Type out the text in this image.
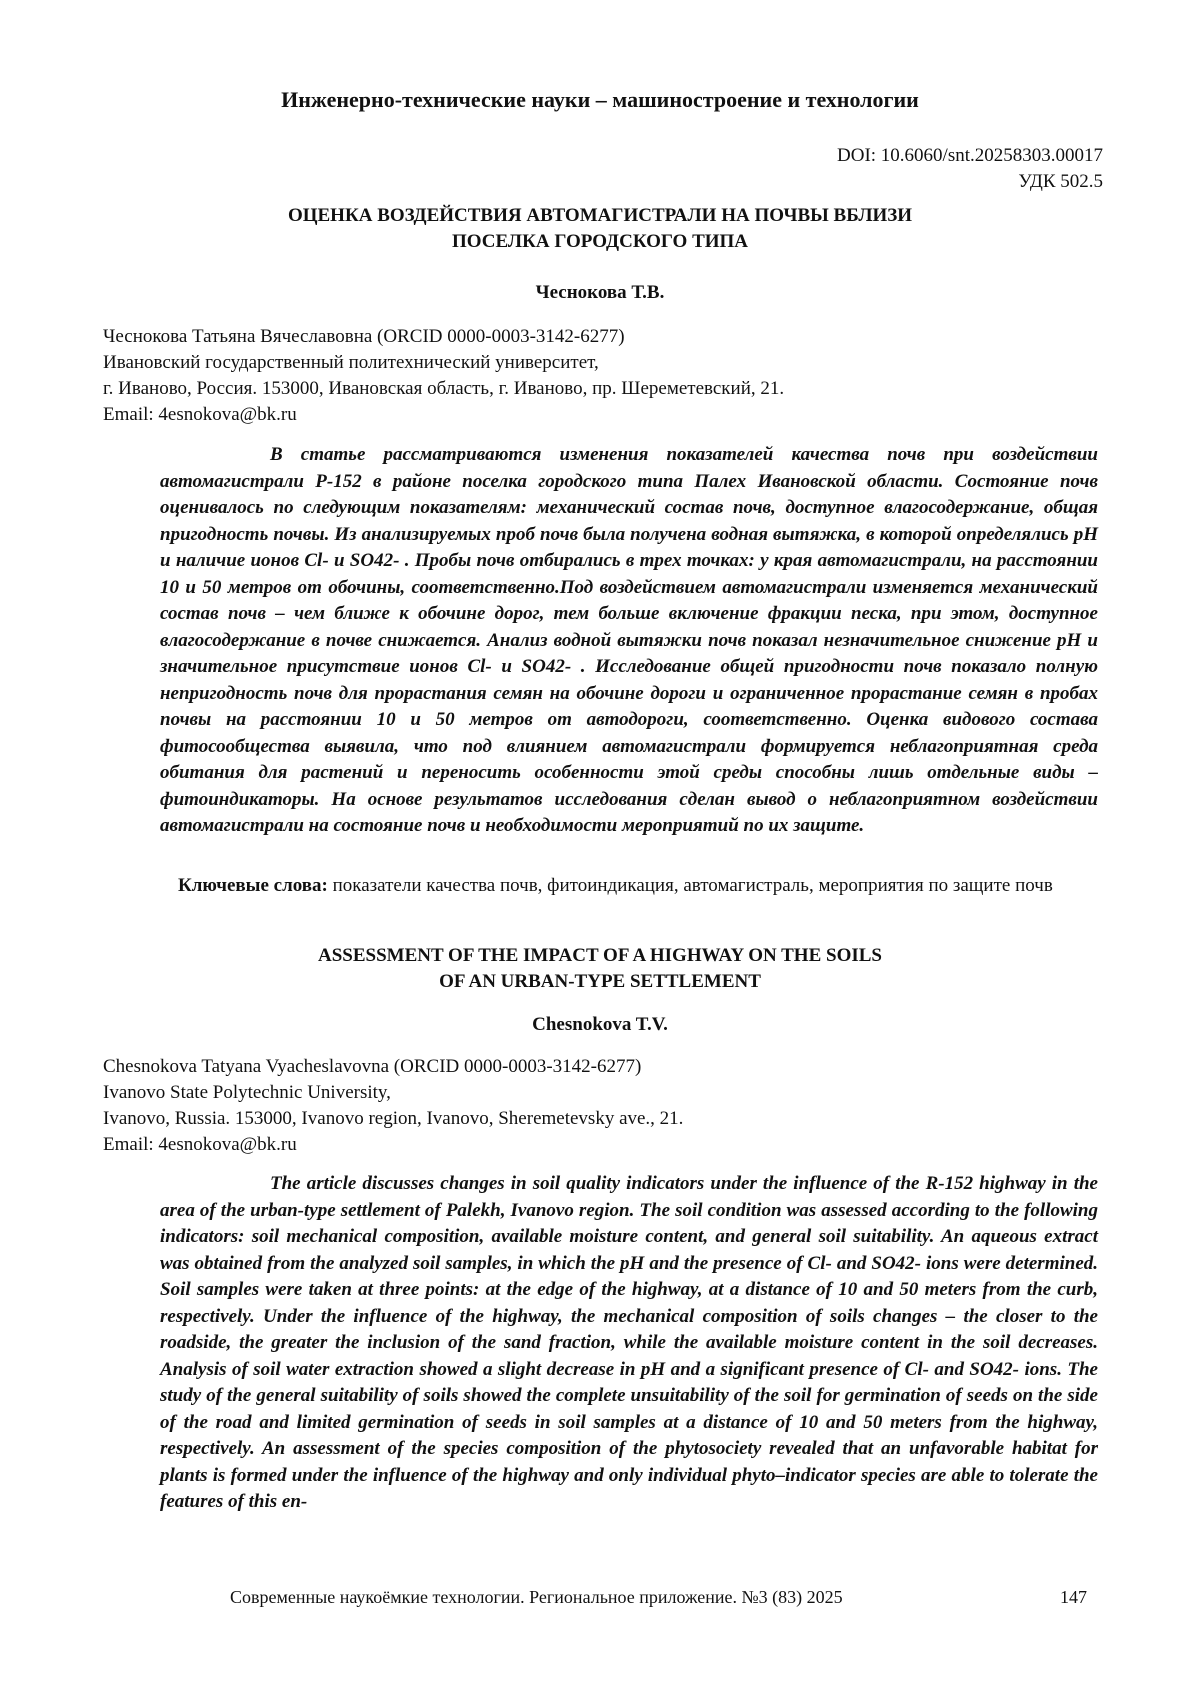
Инженерно-технические науки – машиностроение и технологии

DOI: 10.6060/snt.20258303.00017
УДК 502.5
ОЦЕНКА ВОЗДЕЙСТВИЯ АВТОМАГИСТРАЛИ НА ПОЧВЫ ВБЛИЗИ
ПОСЕЛКА ГОРОДСКОГО ТИПА

Чеснокова Т.В.

Чеснокова Татьяна Вячеславовна (ORCID 0000-0003-3142-6277)
Ивановский государственный политехнический университет,
г. Иваново, Россия. 153000, Ивановская область, г. Иваново, пр. Шереметевский, 21.
Email: 4esnokova@bk.ru

В статье рассматриваются изменения показателей качества почв при воздействии автомагистрали Р-152 в районе поселка городского типа Палех Ивановской области. Состояние почв оценивалось по следующим показателям: механический состав почв, доступное влагосодержание, общая пригодность почвы. Из анализируемых проб почв была получена водная вытяжка, в которой определялись рН и наличие ионов Cl- и SO42- . Пробы почв отбирались в трех точках: у края автомагистрали, на расстоянии 10 и 50 метров от обочины, соответственно.Под воздействием автомагистрали изменяется механический состав почв – чем ближе к обочине дорог, тем больше включение фракции песка, при этом, доступное влагосодержание в почве снижается. Анализ водной вытяжки почв показал незначительное снижение рН и значительное присутствие ионов Cl- и SO42- . Исследование общей пригодности почв показало полную непригодность почв для прорастания семян на обочине дороги и ограниченное прорастание семян в пробах почвы на расстоянии 10 и 50 метров от автодороги, соответственно. Оценка видового состава фитосообщества выявила, что под влиянием автомагистрали формируется неблагоприятная среда обитания для растений и переносить особенности этой среды способны лишь отдельные виды – фитоиндикаторы. На основе результатов исследования сделан вывод о неблагоприятном воздействии автомагистрали на состояние почв и необходимости мероприятий по их защите.

Ключевые слова: показатели качества почв, фитоиндикация, автомагистраль, мероприятия по защите почв

ASSESSMENT OF THE IMPACT OF A HIGHWAY ON THE SOILS
OF AN URBAN-TYPE SETTLEMENT

Chesnokova T.V.

Chesnokova Tatyana Vyacheslavovna (ORCID 0000-0003-3142-6277)
Ivanovo State Polytechnic University,
Ivanovo, Russia. 153000, Ivanovo region, Ivanovo, Sheremetevsky ave., 21.
Email: 4esnokova@bk.ru

The article discusses changes in soil quality indicators under the influence of the R-152 highway in the area of the urban-type settlement of Palekh, Ivanovo region. The soil condition was assessed according to the following indicators: soil mechanical composition, available moisture content, and general soil suitability. An aqueous extract was obtained from the analyzed soil samples, in which the pH and the presence of Cl- and SO42- ions were determined. Soil samples were taken at three points: at the edge of the highway, at a distance of 10 and 50 meters from the curb, respectively. Under the influence of the highway, the mechanical composition of soils changes – the closer to the roadside, the greater the inclusion of the sand fraction, while the available moisture content in the soil decreases. Analysis of soil water extraction showed a slight decrease in pH and a significant presence of Cl- and SO42- ions. The study of the general suitability of soils showed the complete unsuitability of the soil for germination of seeds on the side of the road and limited germination of seeds in soil samples at a distance of 10 and 50 meters from the highway, respectively. An assessment of the species composition of the phytosociety revealed that an unfavorable habitat for plants is formed under the influence of the highway and only individual phyto–indicator species are able to tolerate the features of this en-

Современные наукоёмкие технологии. Региональное приложение. №3 (83) 2025	147
